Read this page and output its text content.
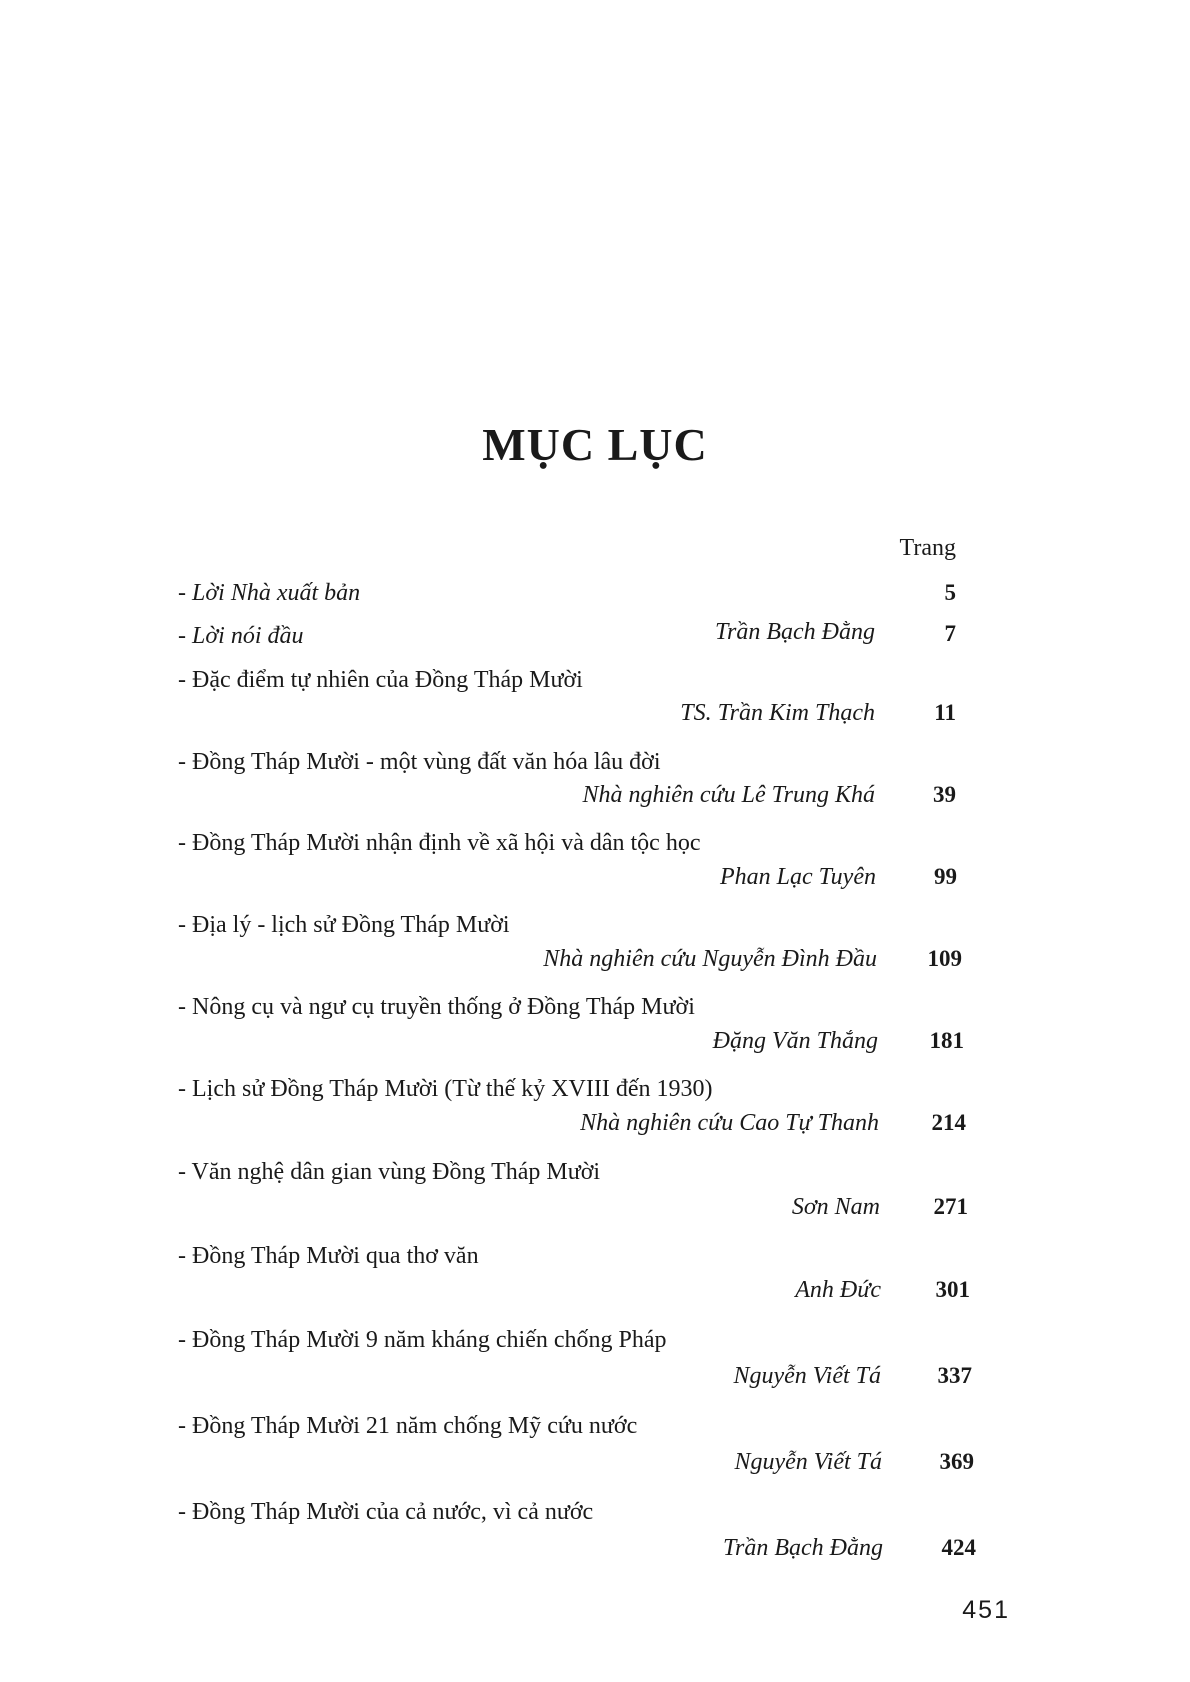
MỤC LỤC
Trang
- Lời Nhà xuất bản	5
- Lời nói đầu	Trần Bạch Đằng	7
- Đặc điểm tự nhiên của Đồng Tháp Mười
TS. Trần Kim Thạch	11
- Đồng Tháp Mười - một vùng đất văn hóa lâu đời
Nhà nghiên cứu Lê Trung Khá	39
- Đồng Tháp Mười nhận định về xã hội và dân tộc học
Phan Lạc Tuyên	99
- Địa lý - lịch sử Đồng Tháp Mười
Nhà nghiên cứu Nguyễn Đình Đầu	109
- Nông cụ và ngư cụ truyền thống ở Đồng Tháp Mười
Đặng Văn Thắng	181
- Lịch sử Đồng Tháp Mười (Từ thế kỷ XVIII đến 1930)
Nhà nghiên cứu Cao Tự Thanh	214
- Văn nghệ dân gian vùng Đồng Tháp Mười
Sơn Nam	271
- Đồng Tháp Mười qua thơ văn
Anh Đức	301
- Đồng Tháp Mười 9 năm kháng chiến chống Pháp
Nguyễn Viết Tá	337
- Đồng Tháp Mười 21 năm chống Mỹ cứu nước
Nguyễn Viết Tá	369
- Đồng Tháp Mười của cả nước, vì cả nước
Trần Bạch Đằng	424
451
